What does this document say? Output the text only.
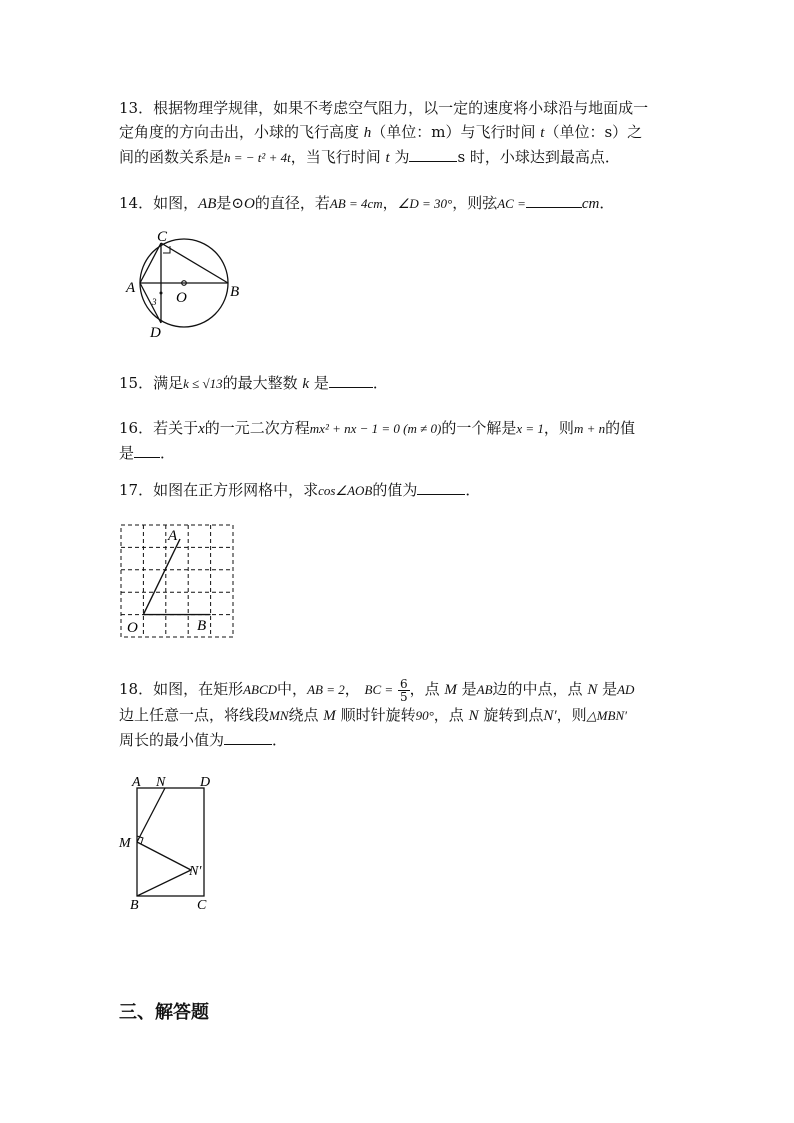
13．根据物理学规律，如果不考虑空气阻力，以一定的速度将小球沿与地面成一
定角度的方向击出，小球的飞行高度 h（单位：m）与飞行时间 t（单位：s）之
间的函数关系是h = − t² + 4t，当飞行时间 t 为	s 时，小球达到最高点．
14．如图，AB是⊙O的直径，若AB = 4cm，∠D = 30°，则弦AC =	cm．
C
A	B
O
D
3
15．满足k ≤ √13的最大整数 k 是	．
16．若关于x的一元二次方程mx² + nx − 1 = 0 (m ≠ 0)的一个解是x = 1，则m + n的值
是 ．
17．如图在正方形网格中，求cos∠AOB的值为	．
A
O	B
18．如图，在矩形ABCD中，AB = 2， BC = $\frac{6}{5}$ ，点 M 是AB边的中点，点 N 是AD
边上任意一点，将线段MN绕点 M 顺时针旋转90°，点 N 旋转到点N′，则△MBN′
周长的最小值为	．
A N D
M
N′
B	C
三、解答题
